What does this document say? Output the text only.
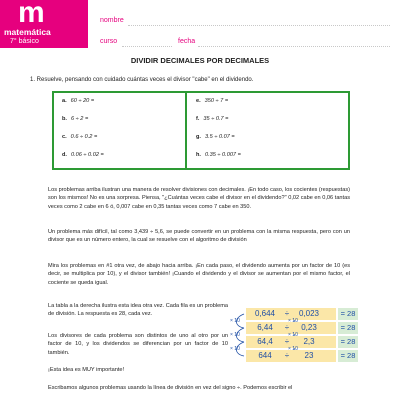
m
matemática
7° básico
nombre
curso	fecha
DIVIDIR DECIMALES POR DECIMALES
1. Resuelve, pensando con cuidado cuántas veces el divisor "cabe" en el dividendo.
a. 60 ÷ 20 =
b. 6 ÷ 2 =
c. 0.6 ÷ 0.2 =
d. 0.06 ÷ 0.02 =
e. 350 ÷ 7 =
f. 35 ÷ 0.7 =
g. 3.5 ÷ 0.07 =
h. 0.35 ÷ 0.007 =
Los problemas arriba ilustran una manera de resolver divisiones con decimales. ¡En todo caso, los cocientes (respuestas) son los mismos! No es una sorpresa. Piensa, "¿Cuántas veces cabe el divisor en el dividendo?" 0,02 cabe en 0,06 tantas veces como 2 cabe en 6 ó, 0,007 cabe en 0,35 tantas veces como 7 cabe en 350.
Un problema más difícil, tal como 3,439 ÷ 5,6, se puede convertir en un problema con la misma respuesta, pero con un divisor que es un número entero, la cual se resuelve con el algoritmo de división
Mira los problemas en #1 otra vez, de abajo hacia arriba. ¡En cada paso, el dividendo aumenta por un factor de 10 (es decir, se multiplica por 10), y el divisor también! ¡Cuando el dividendo y el divisor se aumentan por el mismo factor, el cociente se queda igual.
La tabla a la derecha ilustra esta idea otra vez. Cada fila es un problema de división. La respuesta es 28, cada vez.
Los divisores de cada problema son distintos de uno al otro por un factor de 10, y los dividendos se diferencian por un factor de 10 también.
¡Esta idea es MUY importante!
Escribamos algunos problemas usando la línea de división en vez del signo ÷. Podemos escribir el
0,644	÷	0,023	= 28
6,44	÷	0,23	= 28
64,4	÷	2,3	= 28
644	÷	23	= 28
× 10
× 10
× 10
× 10
× 10
× 10
